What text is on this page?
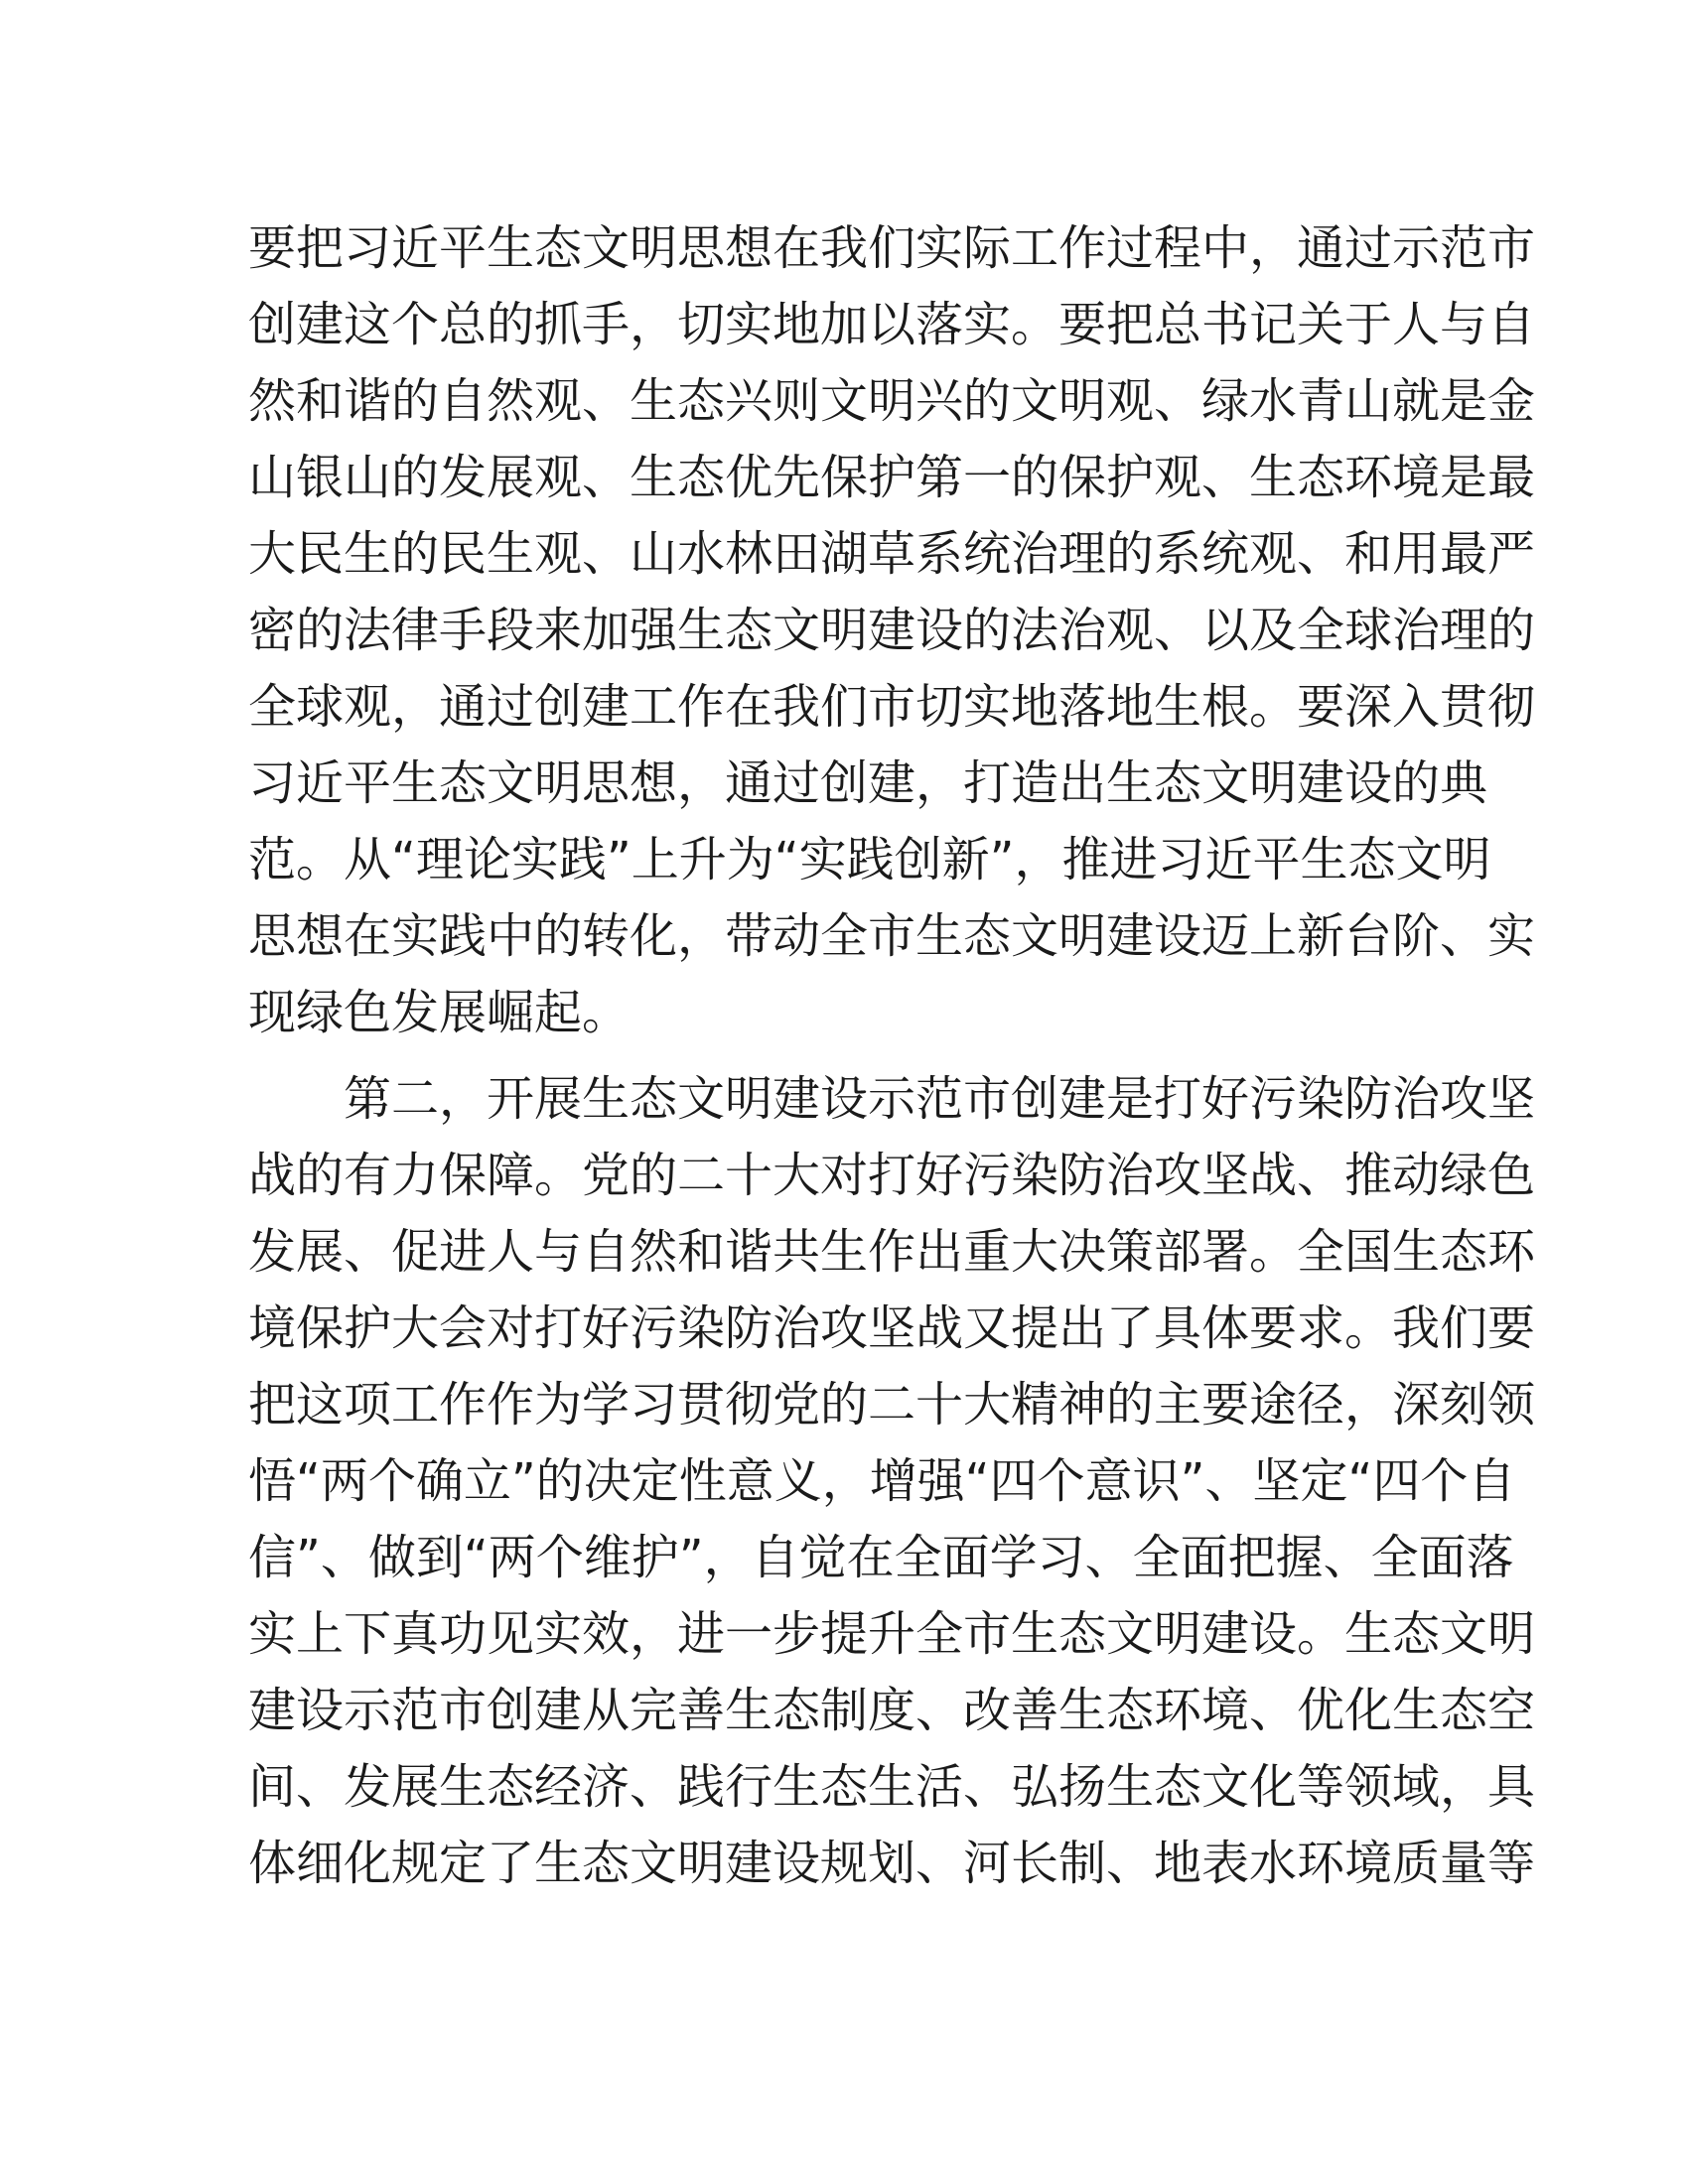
要把习近平生态文明思想在我们实际工作过程中，通过示范市
创建这个总的抓手，切实地加以落实。要把总书记关于人与自
然和谐的自然观、生态兴则文明兴的文明观、绿水青山就是金
山银山的发展观、生态优先保护第一的保护观、生态环境是最
大民生的民生观、山水林田湖草系统治理的系统观、和用最严
密的法律手段来加强生态文明建设的法治观、以及全球治理的
全球观，通过创建工作在我们市切实地落地生根。要深入贯彻
习近平生态文明思想，通过创建，打造出生态文明建设的典
范。从“理论实践”上升为“实践创新”，推进习近平生态文明
思想在实践中的转化，带动全市生态文明建设迈上新台阶、实
现绿色发展崛起。
第二，开展生态文明建设示范市创建是打好污染防治攻坚
战的有力保障。党的二十大对打好污染防治攻坚战、推动绿色
发展、促进人与自然和谐共生作出重大决策部署。全国生态环
境保护大会对打好污染防治攻坚战又提出了具体要求。我们要
把这项工作作为学习贯彻党的二十大精神的主要途径，深刻领
悟“两个确立”的决定性意义，增强“四个意识”、坚定“四个自
信”、做到“两个维护”，自觉在全面学习、全面把握、全面落
实上下真功见实效，进一步提升全市生态文明建设。生态文明
建设示范市创建从完善生态制度、改善生态环境、优化生态空
间、发展生态经济、践行生态生活、弘扬生态文化等领域，具
体细化规定了生态文明建设规划、河长制、地表水环境质量等
